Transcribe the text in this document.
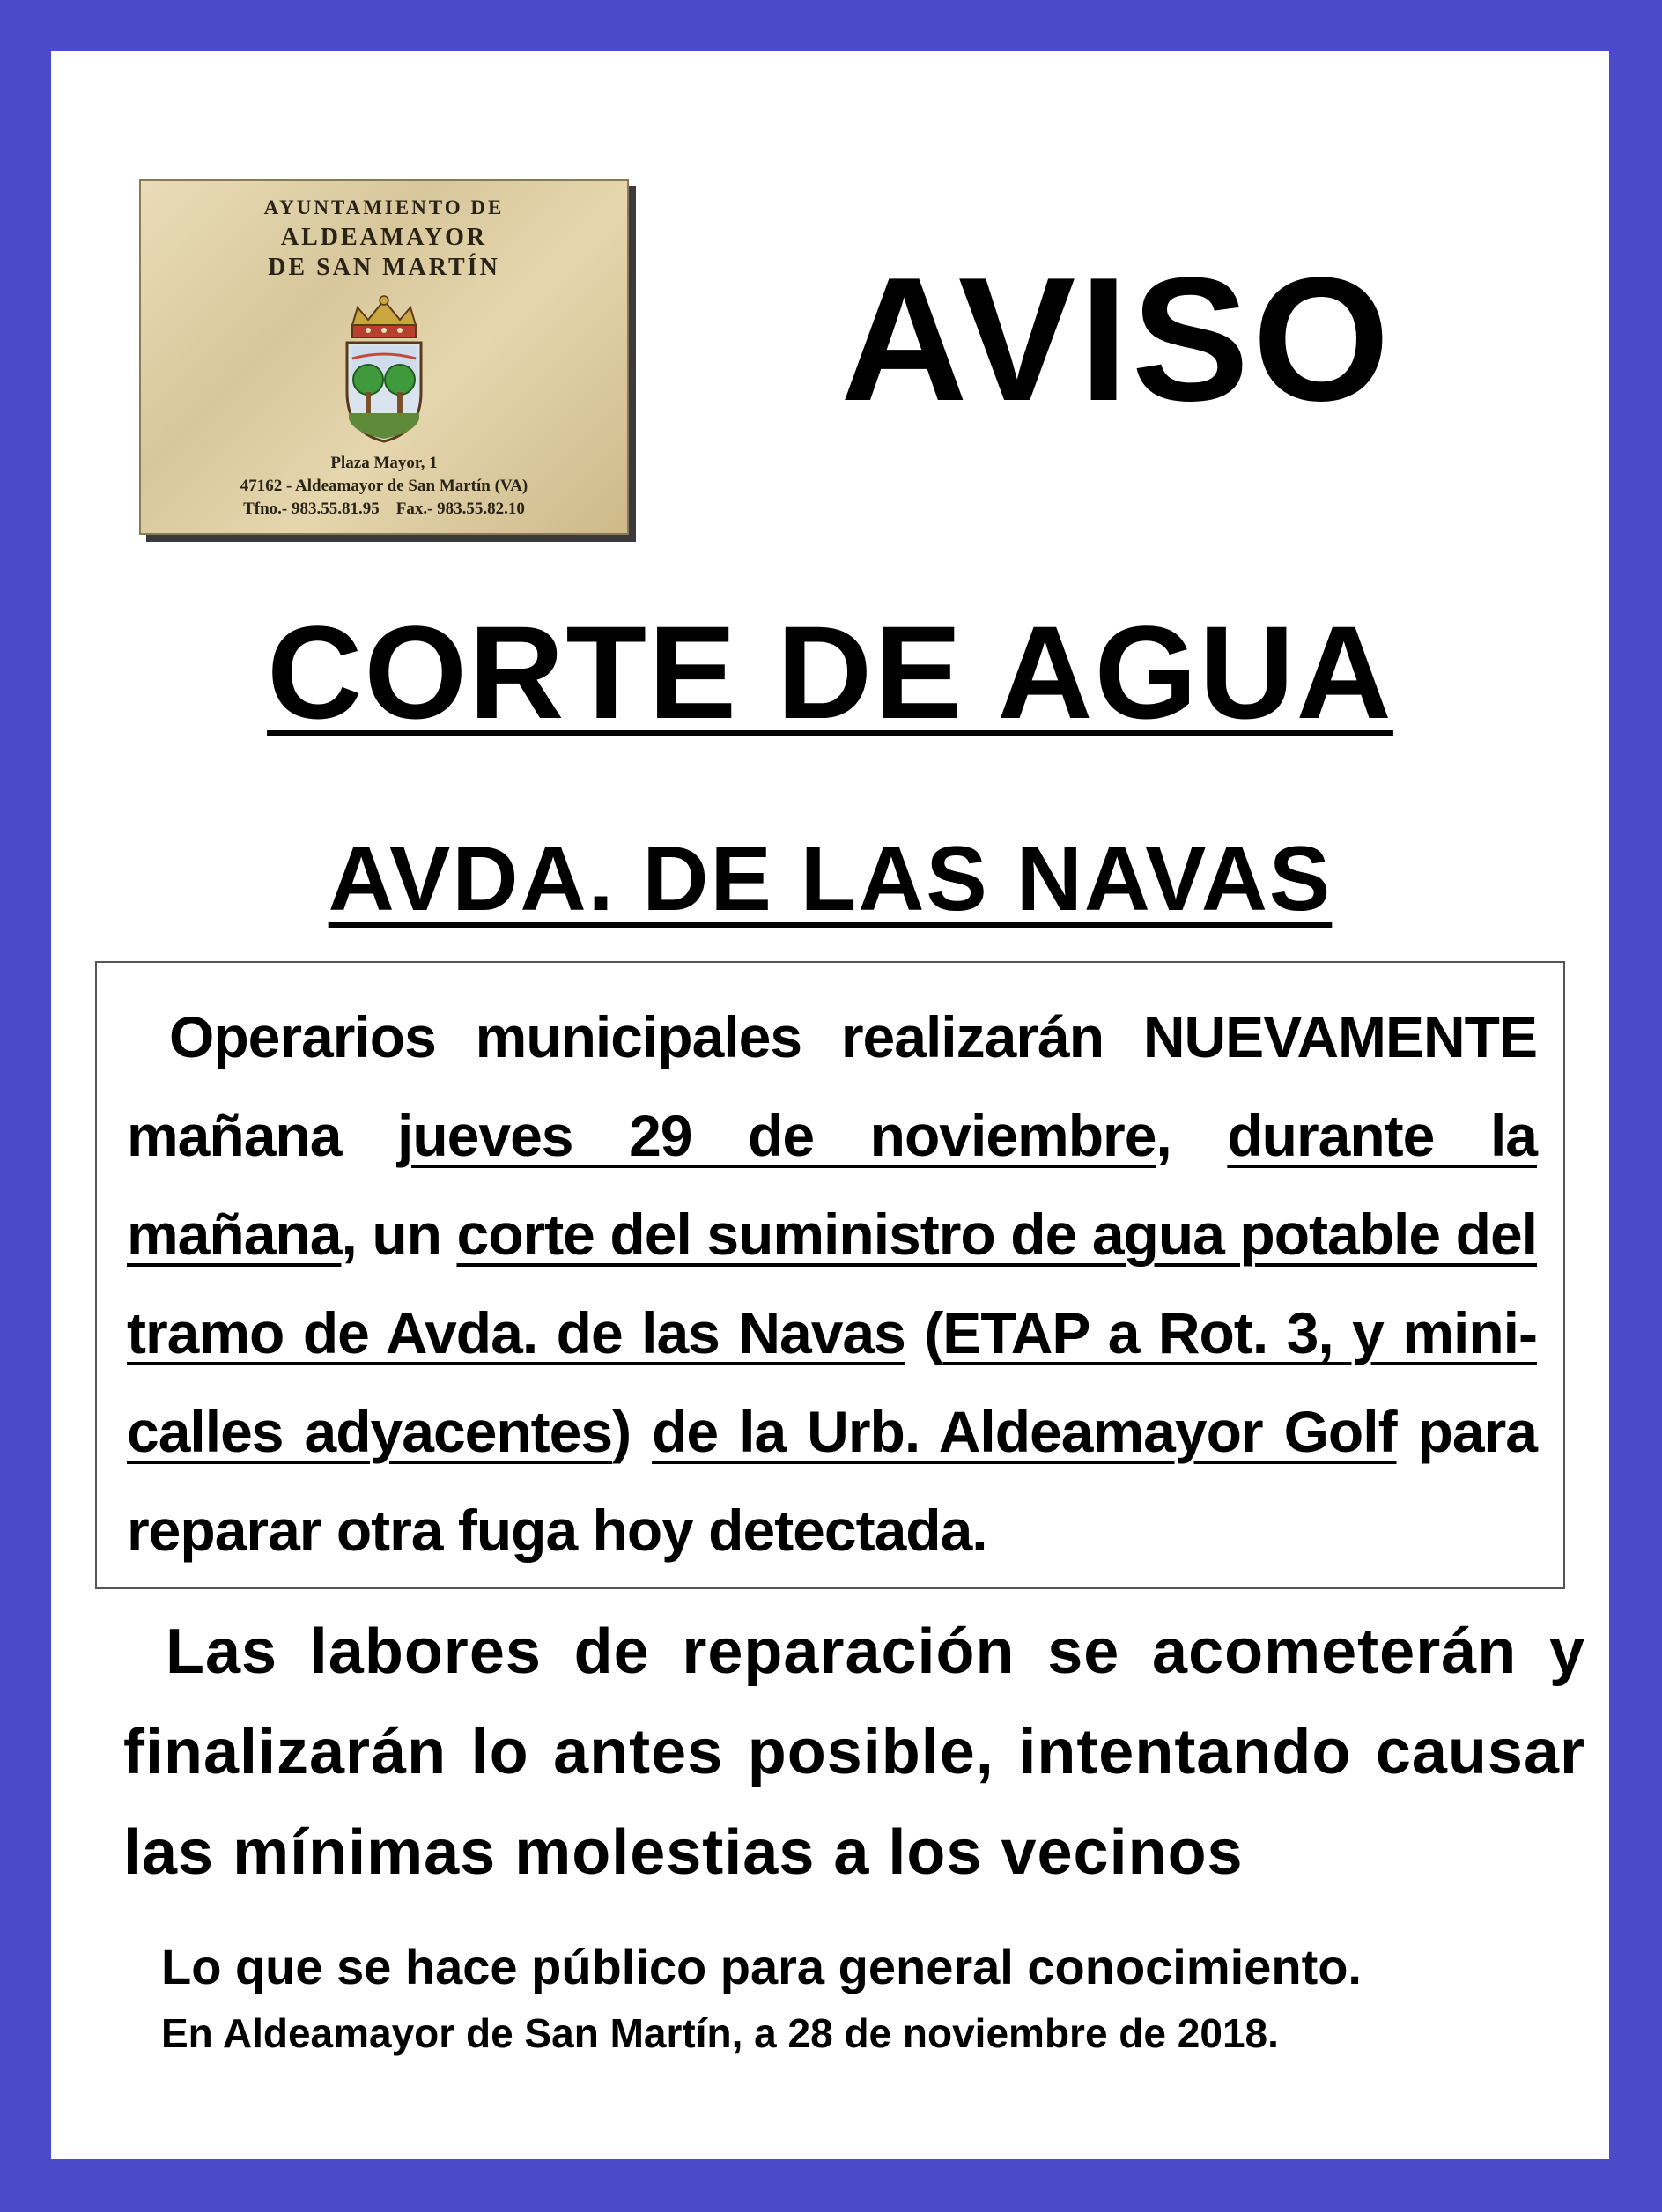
AYUNTAMIENTO DE
ALDEAMAYOR
DE SAN MARTÍN
Plaza Mayor, 1
47162 - Aldeamayor de San Martín (VA)
Tfno.- 983.55.81.95 Fax.- 983.55.82.10
AVISO
CORTE DE AGUA
AVDA. DE LAS NAVAS

Operarios municipales realizarán NUEVAMENTE mañana jueves 29 de noviembre, durante la mañana, un corte del suministro de agua potable del tramo de Avda. de las Navas (ETAP a Rot. 3, y mini-calles adyacentes) de la Urb. Aldeamayor Golf para reparar otra fuga hoy detectada.

Las labores de reparación se acometerán y finalizarán lo antes posible, intentando causar las mínimas molestias a los vecinos

Lo que se hace público para general conocimiento.
En Aldeamayor de San Martín, a 28 de noviembre de 2018.
